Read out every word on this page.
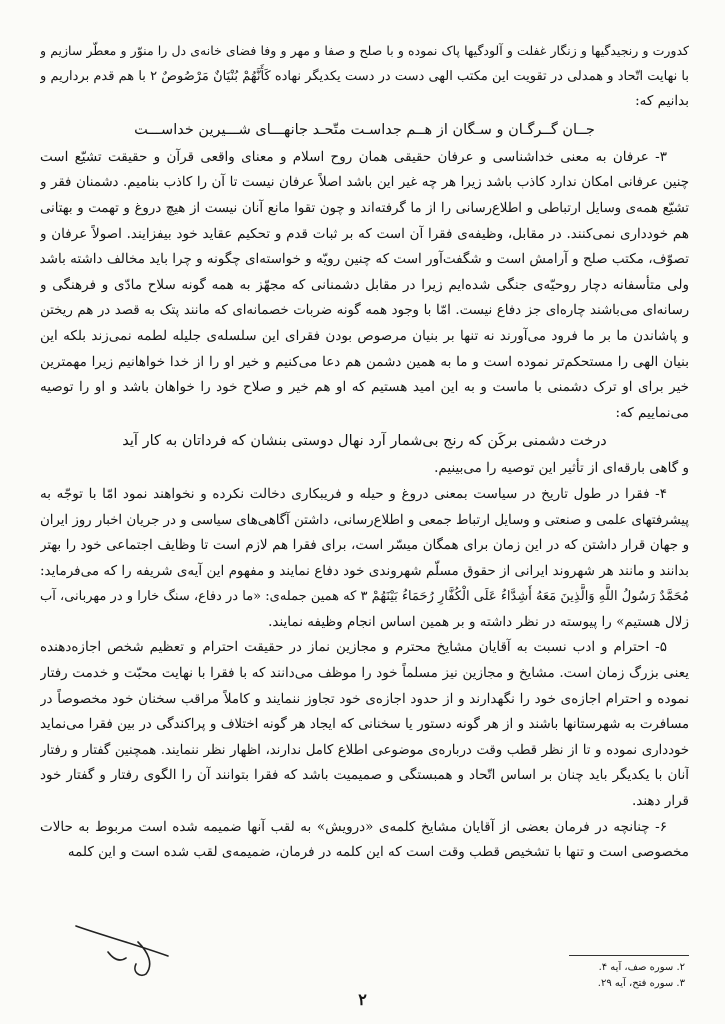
کدورت و رنجیدگیها و زنگار غفلت و آلودگیها پاک نموده و با صلح و صفا و مهر و وفا فضای خانه‌ی دل را منوّر و معطّر سازیم و
با نهایت اتّحاد و همدلی در تقویت این مکتب الهی دست در دست یکدیگر نهاده کَأَنَّهُمْ بُنْيَانٌ مَرْصُوصٌ ۲ با هم قدم برداریم و
بدانیم که:
جــان گــرگـان و سـگان از هــم جداسـت متّحـد جانهـــای شـــیرین خداســـت
۳- عرفان به معنی خداشناسی و عرفان حقیقی همان روح اسلام و معنای واقعی قرآن و حقیقت تشیّع است
چنین عرفانی امکان ندارد کاذب باشد زیرا هر چه غیر این باشد اصلاً عرفان نیست تا آن را کاذب بنامیم. دشمنان فقر و
تشیّع همه‌ی وسایل ارتباطی و اطلاع‌رسانی را از ما گرفته‌اند و چون تقوا مانع آنان نیست از هیچ دروغ و تهمت و بهتانی
هم خودداری نمی‌کنند. در مقابل، وظیفه‌ی فقرا آن است که بر ثبات قدم و تحکیم عقاید خود بیفزایند. اصولاً عرفان و
تصوّف، مکتب صلح و آرامش است و شگفت‌آور است که چنین رویّه و خواسته‌ای چگونه و چرا باید مخالف داشته باشد
ولی متأسفانه دچار روحیّه‌ی جنگی شده‌ایم زیرا در مقابل دشمنانی که مجهّز به همه گونه سلاح مادّی و فرهنگی و
رسانه‌ای می‌باشند چاره‌ای جز دفاع نیست. امّا با وجود همه گونه ضربات خصمانه‌ای که مانند پتک به قصد در هم ریختن
و پاشاندن ما بر ما فرود می‌آورند نه تنها بر بنیان مرصوص بودن فقرای این سلسله‌ی جلیله لطمه نمی‌زند بلکه این
بنیان الهی را مستحکم‌تر نموده است و ما به همین دشمن هم دعا می‌کنیم و خیر او را از خدا خواهانیم زیرا مهمترین
خیر برای او ترک دشمنی با ماست و به این امید هستیم که او هم خیر و صلاح خود را خواهان باشد و او را توصیه
می‌نماییم که:
درخت دشمنی برکَن که رنج بی‌شمار آرد نهال دوستی بنشان که فرداتان به کار آید
و گاهی بارقه‌ای از تأثیر این توصیه را می‌بینیم.
۴- فقرا در طول تاریخ در سیاست بمعنی دروغ و حیله و فریبکاری دخالت نکرده و نخواهند نمود امّا با توجّه به
پیشرفتهای علمی و صنعتی و وسایل ارتباط جمعی و اطلاع‌رسانی، داشتن آگاهی‌های سیاسی و در جریان اخبار روز ایران
و جهان قرار داشتن که در این زمان برای همگان میسّر است، برای فقرا هم لازم است تا وظایف اجتماعی خود را بهتر
بدانند و مانند هر شهروند ایرانی از حقوق مسلّم شهروندی خود دفاع نمایند و مفهوم این آیه‌ی شریفه را که می‌فرماید:
مُحَمَّدٌ رَسُولُ اللَّهِ وَالَّذِينَ مَعَهُ أَشِدَّاءُ عَلَى الْكُفَّارِ رُحَمَاءُ بَيْنَهُمْ ۳ که همین جمله‌ی: «ما در دفاع، سنگ خارا و در مهربانی، آب
زلال هستیم» را پیوسته در نظر داشته و بر همین اساس انجام وظیفه نمایند.
۵- احترام و ادب نسبت به آقایان مشایخ محترم و مجازین نماز در حقیقت احترام و تعظیم شخص اجازه‌دهنده
یعنی بزرگ زمان است. مشایخ و مجازین نیز مسلماً خود را موظف می‌دانند که با فقرا با نهایت محبّت و خدمت رفتار
نموده و احترام اجازه‌ی خود را نگهدارند و از حدود اجازه‌ی خود تجاوز ننمایند و کاملاً مراقب سخنان خود مخصوصاً در
مسافرت به شهرستانها باشند و از هر گونه دستور یا سخنانی که ایجاد هر گونه اختلاف و پراکندگی در بین فقرا می‌نماید
خودداری نموده و تا از نظر قطب وقت درباره‌ی موضوعی اطلاع کامل ندارند، اظهار نظر ننمایند. همچنین گفتار و رفتار
آنان با یکدیگر باید چنان بر اساس اتّحاد و همبستگی و صمیمیت باشد که فقرا بتوانند آن را الگوی رفتار و گفتار خود
قرار دهند.
۶- چنانچه در فرمان بعضی از آقایان مشایخ کلمه‌ی «درویش» به لقب آنها ضمیمه شده است مربوط به حالات
مخصوصی است و تنها با تشخیص قطب وقت است که این کلمه در فرمان، ضمیمه‌ی لقب شده است و این کلمه
۲. سوره صف، آیه ۴.
۳. سوره فتح، آیه ۲۹.
۲
